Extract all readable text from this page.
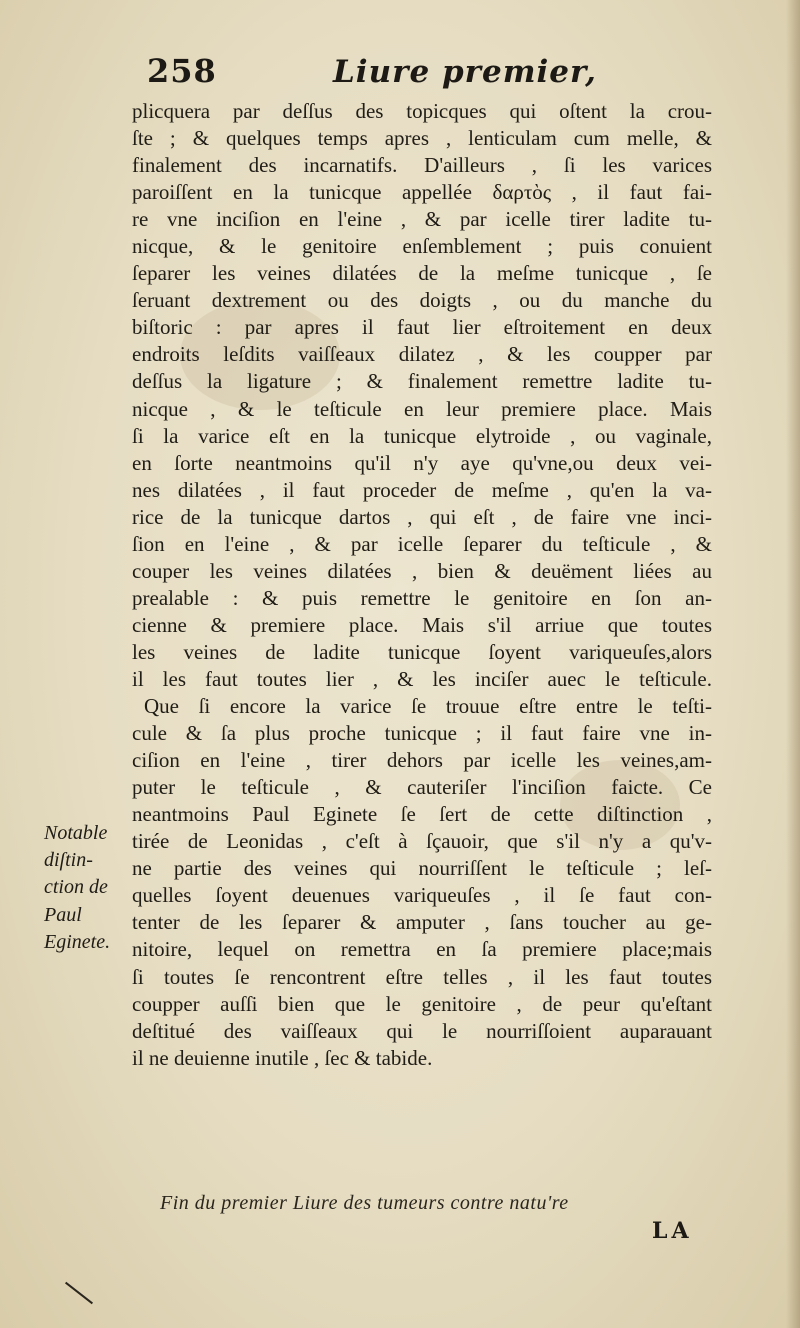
258	Liure premier,
plicquera par deſſus des topicques qui oſtent la crou-
ſte ; & quelques temps apres , lenticulam cum melle, &
finalement des incarnatifs. D'ailleurs , ſi les varices
paroiſſent en la tunicque appellée δαρτὸς , il faut fai-
re vne inciſion en l'eine , & par icelle tirer ladite tu-
nicque, & le genitoire enſemblement ; puis conuient
ſeparer les veines dilatées de la meſme tunicque , ſe
ſeruant dextrement ou des doigts , ou du manche du
biſtoric : par apres il faut lier eſtroitement en deux
endroits leſdits vaiſſeaux dilatez , & les coupper par
deſſus la ligature ; & finalement remettre ladite tu-
nicque , & le teſticule en leur premiere place. Mais
ſi la varice eſt en la tunicque elytroide , ou vaginale,
en ſorte neantmoins qu'il n'y aye qu'vne,ou deux vei-
nes dilatées , il faut proceder de meſme , qu'en la va-
rice de la tunicque dartos , qui eſt , de faire vne inci-
ſion en l'eine , & par icelle ſeparer du teſticule , &
couper les veines dilatées , bien & deuëment liées au
prealable : & puis remettre le genitoire en ſon an-
cienne & premiere place. Mais s'il arriue que toutes
les veines de ladite tunicque ſoyent variqueuſes,alors
il les faut toutes lier , & les inciſer auec le teſticule.
Que ſi encore la varice ſe trouue eſtre entre le teſti-
cule & ſa plus proche tunicque ; il faut faire vne in-
ciſion en l'eine , tirer dehors par icelle les veines,am-
puter le teſticule , & cauteriſer l'inciſion faicte. Ce
neantmoins Paul Eginete ſe ſert de cette diſtinction ,
tirée de Leonidas , c'eſt à ſçauoir, que s'il n'y a qu'v-
ne partie des veines qui nourriſſent le teſticule ; leſ-
quelles ſoyent deuenues variqueuſes , il ſe faut con-
tenter de les ſeparer & amputer , ſans toucher au ge-
nitoire, lequel on remettra en ſa premiere place;mais
ſi toutes ſe rencontrent eſtre telles , il les faut toutes
coupper auſſi bien que le genitoire , de peur qu'eſtant
deſtitué des vaiſſeaux qui le nourriſſoient auparauant
il ne deuienne inutile , ſec & tabide.
Notable
diſtin-
ction de
Paul
Eginete.
Fin du premier Liure des tumeurs contre natu're
LA
